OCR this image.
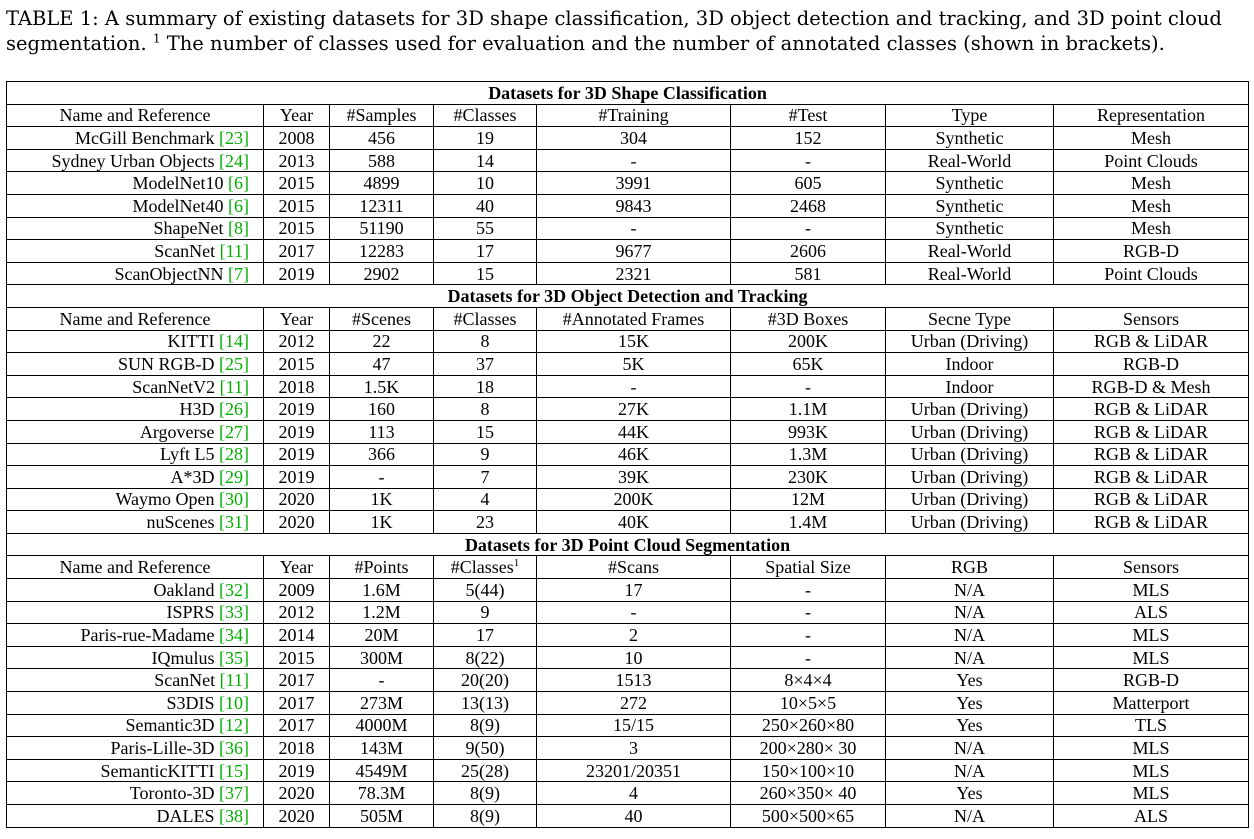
TABLE 1: A summary of existing datasets for 3D shape classification, 3D object detection and tracking, and 3D point cloud segmentation. $^1$ The number of classes used for evaluation and the number of annotated classes (shown in brackets).
Datasets for 3D Shape Classification							
Name and Reference	Year	#Samples	#Classes	#Training	#Test	Type	Representation
McGill Benchmark [23]	2008	456	19	304	152	Synthetic	Mesh
Sydney Urban Objects [24]	2013	588	14	-	-	Real-World	Point Clouds
ModelNet10 [6]	2015	4899	10	3991	605	Synthetic	Mesh
ModelNet40 [6]	2015	12311	40	9843	2468	Synthetic	Mesh
ShapeNet [8]	2015	51190	55	-	-	Synthetic	Mesh
ScanNet [11]	2017	12283	17	9677	2606	Real-World	RGB-D
ScanObjectNN [7]	2019	2902	15	2321	581	Real-World	Point Clouds
Datasets for 3D Object Detection and Tracking							
Name and Reference	Year	#Scenes	#Classes	#Annotated Frames	#3D Boxes	Secne Type	Sensors
KITTI [14]	2012	22	8	15K	200K	Urban (Driving)	RGB & LiDAR
SUN RGB-D [25]	2015	47	37	5K	65K	Indoor	RGB-D
ScanNetV2 [11]	2018	1.5K	18	-	-	Indoor	RGB-D & Mesh
H3D [26]	2019	160	8	27K	1.1M	Urban (Driving)	RGB & LiDAR
Argoverse [27]	2019	113	15	44K	993K	Urban (Driving)	RGB & LiDAR
Lyft L5 [28]	2019	366	9	46K	1.3M	Urban (Driving)	RGB & LiDAR
A*3D [29]	2019	-	7	39K	230K	Urban (Driving)	RGB & LiDAR
Waymo Open [30]	2020	1K	4	200K	12M	Urban (Driving)	RGB & LiDAR
nuScenes [31]	2020	1K	23	40K	1.4M	Urban (Driving)	RGB & LiDAR
Datasets for 3D Point Cloud Segmentation							
Name and Reference	Year	#Points	#Classes$^1$	#Scans	Spatial Size	RGB	Sensors
Oakland [32]	2009	1.6M	5(44)	17	-	N/A	MLS
ISPRS [33]	2012	1.2M	9	-	-	N/A	ALS
Paris-rue-Madame [34]	2014	20M	17	2	-	N/A	MLS
IQmulus [35]	2015	300M	8(22)	10	-	N/A	MLS
ScanNet [11]	2017	-	20(20)	1513	8×4×4	Yes	RGB-D
S3DIS [10]	2017	273M	13(13)	272	10×5×5	Yes	Matterport
Semantic3D [12]	2017	4000M	8(9)	15/15	250×260×80	Yes	TLS
Paris-Lille-3D [36]	2018	143M	9(50)	3	200×280× 30	N/A	MLS
SemanticKITTI [15]	2019	4549M	25(28)	23201/20351	150×100×10	N/A	MLS
Toronto-3D [37]	2020	78.3M	8(9)	4	260×350× 40	Yes	MLS
DALES [38]	2020	505M	8(9)	40	500×500×65	N/A	ALS
